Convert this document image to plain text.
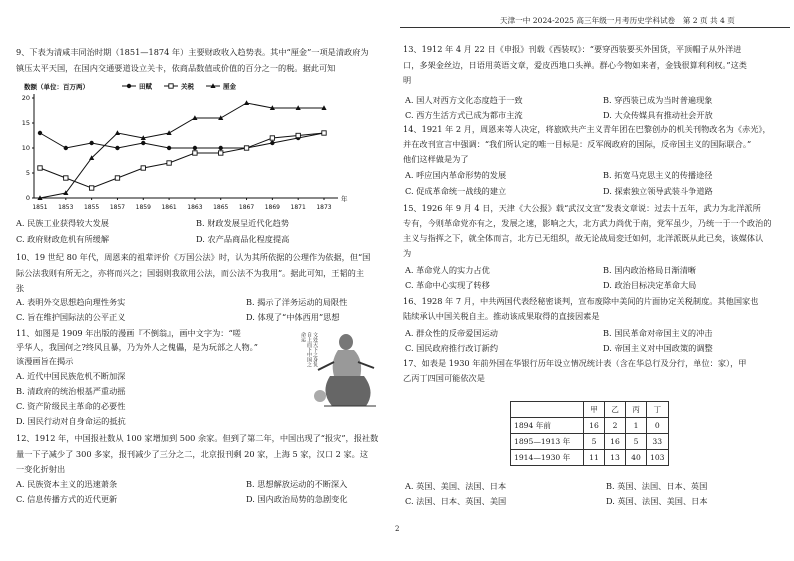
天津一中 2024-2025 高三年级一月考历史学科试卷　第 2 页 共 4 页
9、下表为清咸丰同治时期（1851—1874 年）主要财政收入趋势表。其中“厘金”一项是清政府为
镇压太平天国，在国内交通要道设立关卡，依商品数值或价值的百分之一的税。据此可知
数额（单位：百万两）	田赋	关税	厘金
年
0
5
10
15
20
1851 1853 1855 1857 1859 1861 1863 1865 1867 1869 1871 1873
A. 民族工业获得较大发展	B. 财政发展呈近代化趋势
C. 政府财政危机有所缓解	D. 农产品商品化程度提高
10、19 世纪 80 年代，周恩来的祖辈评价《万国公法》时，认为其所依据的公理作为依据，但“国
际公法我则有所无之，亦将而兴之；国弱则我欲用公法，而公法不为我用”。据此可知，王韬的主
张
A. 表明外交思想趋向理性务实	B. 揭示了洋务运动的局限性
C. 旨在维护国际法的公平正义	D. 体现了“中体西用”思想
11、如图是 1909 年出版的漫画『不倒翁』，画中文字为：“嗟
乎华人，我国何之?终风且暴，乃为外人之傀儡，是为玩部之人物。”
该漫画旨在揭示
A. 近代中国民族危机不断加深
B. 清政府的统治根基严重动摇
C. 资产阶级民主革命的必要性
D. 国民行动对自身命运的抵抗
文处天下之身负自上而下中国之命运
12、1912 年，中国报社数从 100 家增加到 500 余家。但到了第二年，中国出现了“报灾”，报社数
量一下子减少了 300 多家，报刊减少了三分之二，北京报刊剩 20 家，上海 5 家，汉口 2 家。这
一变化折射出
A. 民族资本主义的迅速萧条	B. 思想解放运动的不断深入
C. 信息传播方式的近代更新	D. 国内政治局势的急剧变化
2
13、1912 年 4 月 22 日《申报》刊载《西装叹》：“要穿西装要买外国货，平顶帽子从外洋进
口，多架金丝边，日语用英语文章，爱皮西地口头禅。群心今物如来者，金钱很算利利权。”这类
明
A. 国人对西方文化态度趋于一致	B. 穿西装已成为当时普遍现象
C. 西方生活方式已成为都市主流	D. 大众传媒具有推动社会开放
14、1921 年 2 月，周恩来等人决定，将旅欧共产主义青年团在巴黎创办的机关刊物改名为《赤光》，
并在改刊宣言中强调：“我们所认定的唯一目标是：反军阀政府的国际，反帝国主义的国际联合。”
他们这样做是为了
A. 呼应国内革命形势的发展	B. 拓宽马克思主义的传播途径
C. 促成革命统一战线的建立	D. 探索独立领导武装斗争道路
15、1926 年 9 月 4 日，天津《大公报》载“武汉文宣”发表文章说：过去十五年，武力为北洋派所
专有，今则革命党亦有之，发展之速，影响之大，北方武力尚优于南，党军虽少，乃统一于一个政治的
主义与指挥之下，就全体而言，北方已无组织，故无论战局変迁如何，北洋派既从此已矣，该媒体认
为
A. 革命党人的实力占优	B. 国内政治格局日渐清晰
C. 革命中心实现了转移	D. 政治目标决定革命大局
16、1928 年 7 月，中共两国代表经秘密谈判，宣布废除中美间的片面协定关税制度。其他国家也
陆续承认中国关税自主。推动该成果取得的直接因素是
A. 群众性的反帝爱国运动	B. 国民革命对帝国主义的冲击
C. 国民政府推行改订新约	D. 帝国主义对中国政策的调整
17、如表是 1930 年前外国在华银行历年设立情况统计表（含在华总行及分行，单位：家），甲
乙丙丁四国可能依次是
	甲	乙	丙	丁
1894 年前	16	2	1	0
1895—1913 年	5	16	5	33
1914—1930 年	11	13	40	103
A. 英国、美国、法国、日本	B. 英国、法国、日本、英国
C. 法国、日本、英国、美国	D. 英国、法国、美国、日本
